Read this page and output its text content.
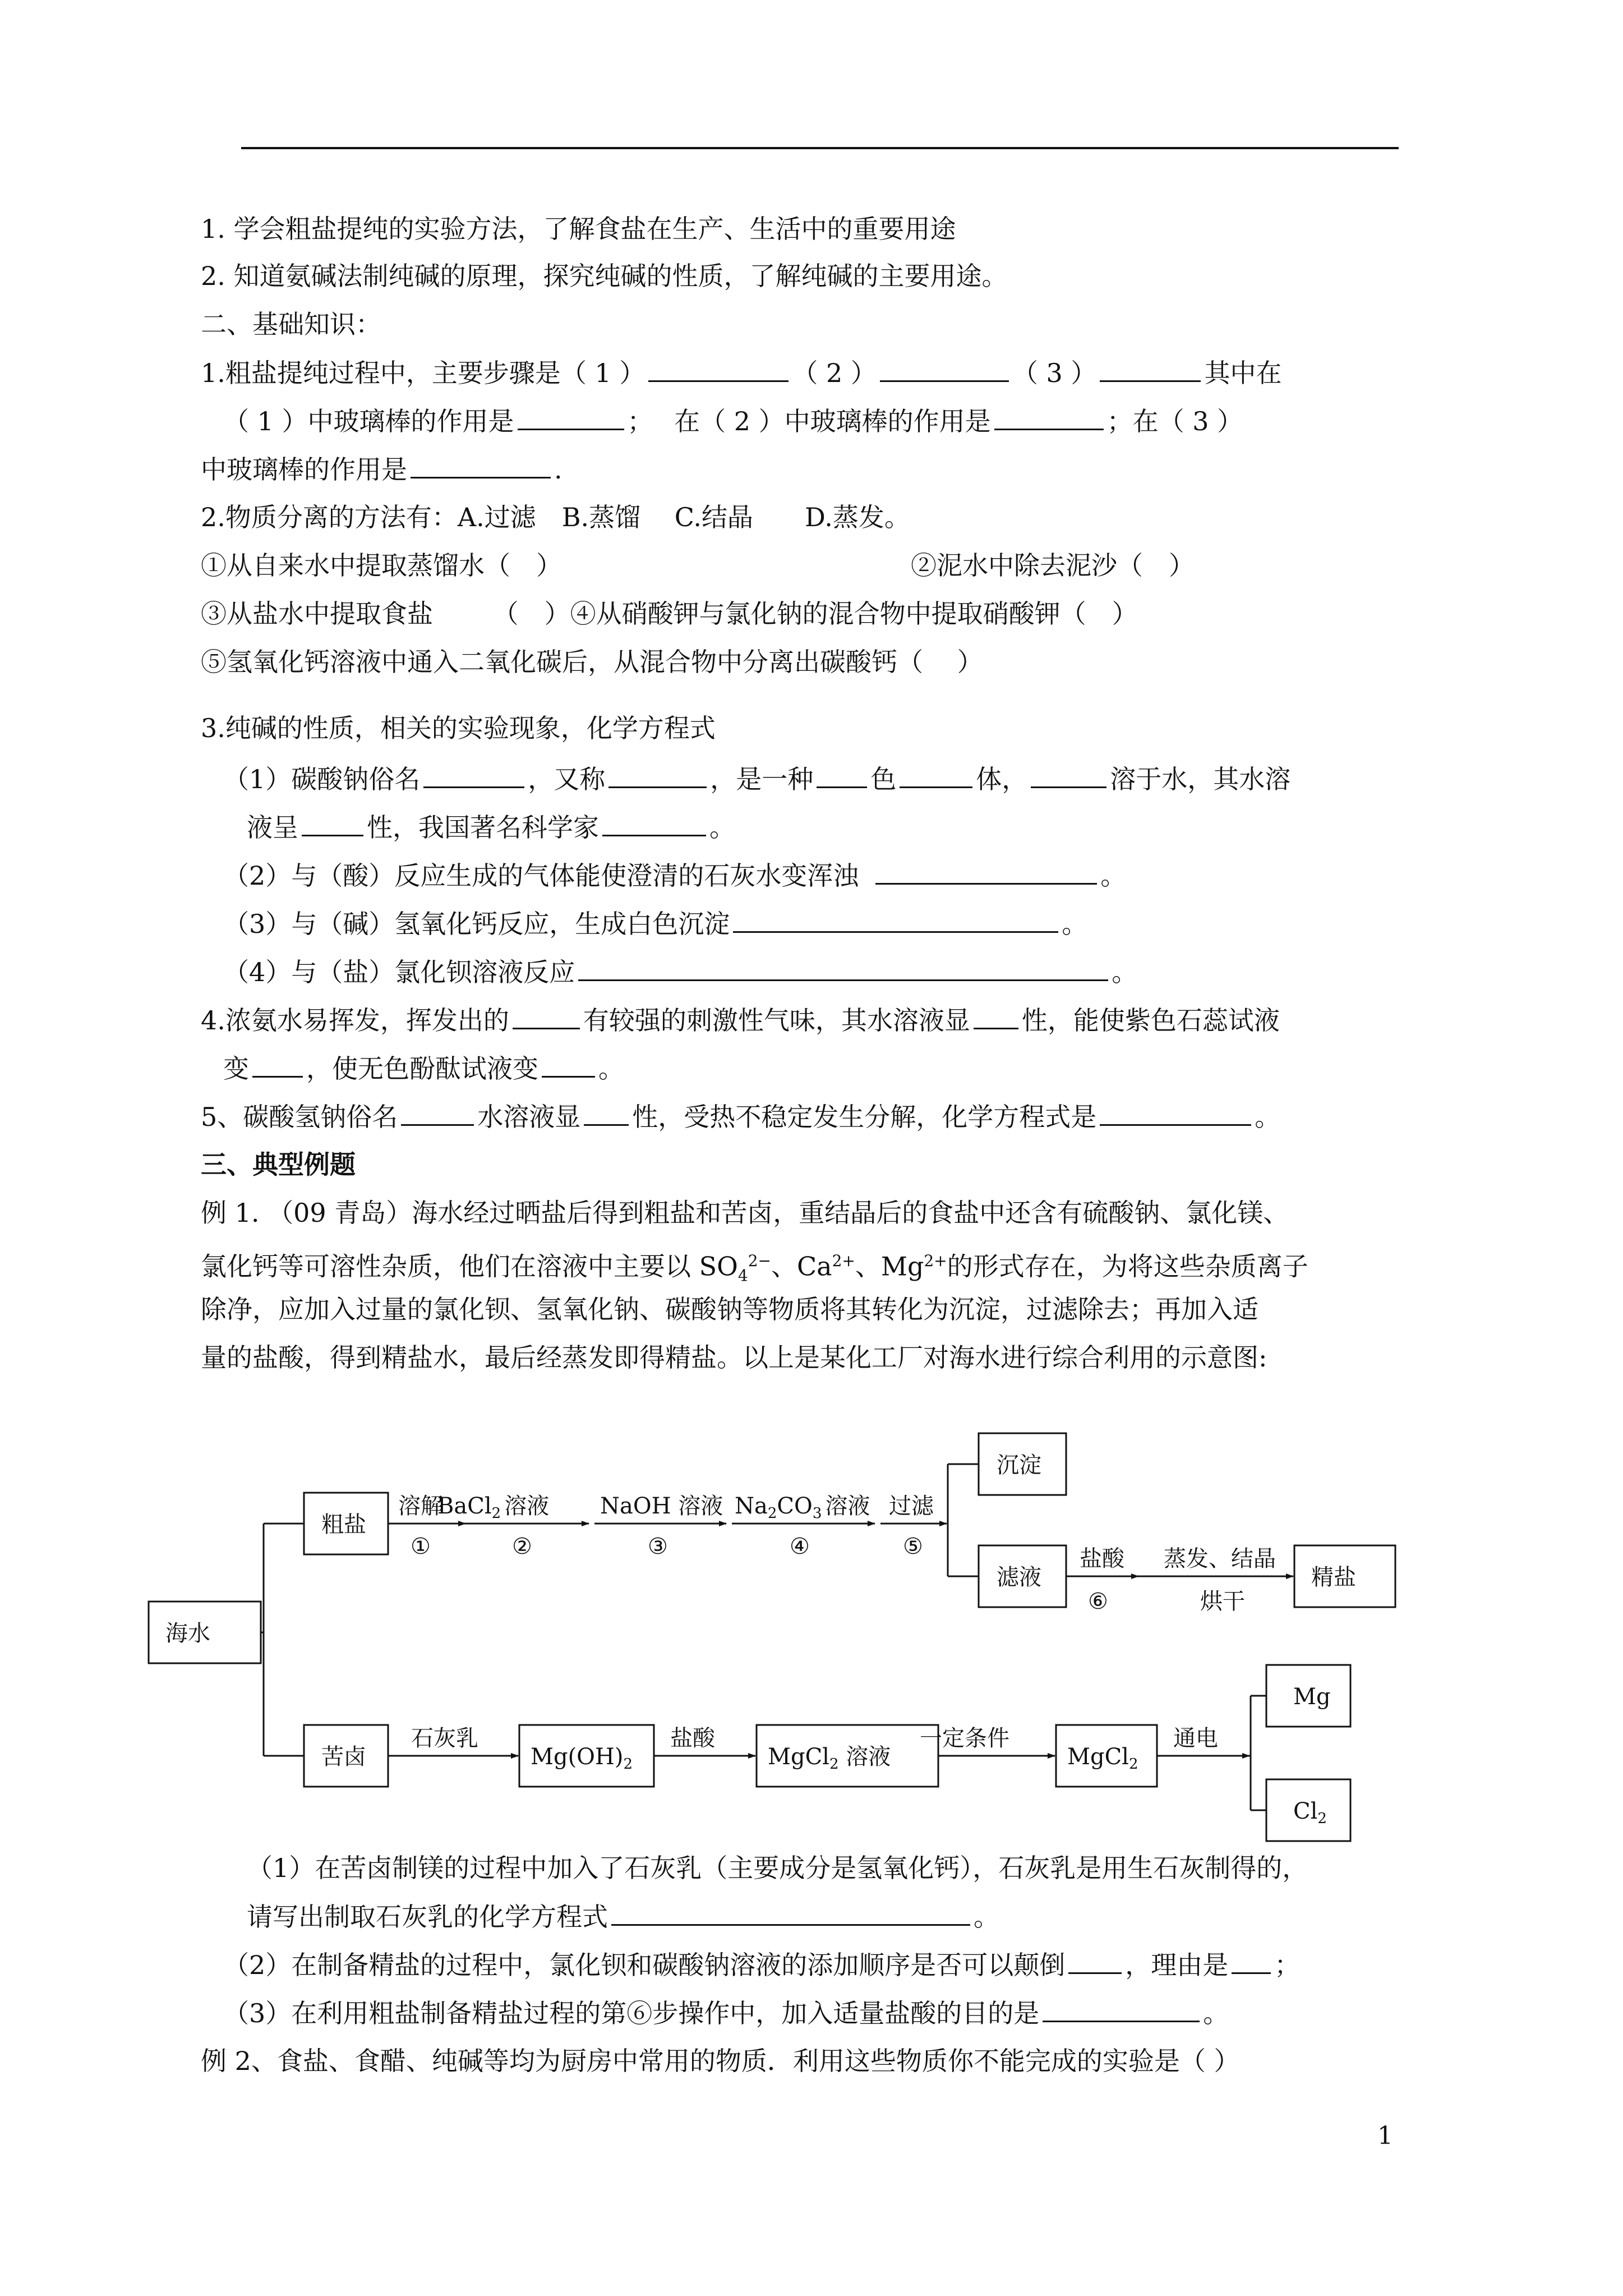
1. 学会粗盐提纯的实验方法，了解食盐在生产、生活中的重要用途
2. 知道氨碱法制纯碱的原理，探究纯碱的性质，了解纯碱的主要用途。
二、基础知识：
1.粗盐提纯过程中，主要步骤是（ 1 ）	（ 2 ）	（ 3 ）	其中在
（ 1 ）中玻璃棒的作用是	；　 在（ 2 ）中玻璃棒的作用是	；在（ 3 ）
中玻璃棒的作用是	.
2.物质分离的方法有：A.过滤　B.蒸馏　 C.结晶　　D.蒸发。
①从自来水中提取蒸馏水（　）	②泥水中除去泥沙（　）
③从盐水中提取食盐　　 （　）④从硝酸钾与氯化钠的混合物中提取硝酸钾（　）
⑤氢氧化钙溶液中通入二氧化碳后，从混合物中分离出碳酸钙（　 ）
3.纯碱的性质，相关的实验现象，化学方程式
（1）碳酸钠俗名	，又称	，是一种 色	体，	溶于水，其水溶
液呈	性，我国著名科学家	。
（2）与（酸）反应生成的气体能使澄清的石灰水变浑浊	。
（3）与（碱）氢氧化钙反应，生成白色沉淀	。
（4）与（盐）氯化钡溶液反应	。
4.浓氨水易挥发，挥发出的	有较强的刺激性气味，其水溶液显 性，能使紫色石蕊试液
变 ，使无色酚酞试液变 。
5、碳酸氢钠俗名	水溶液显 性，受热不稳定发生分解，化学方程式是	。
三、典型例题
例 1. （09 青岛）海水经过晒盐后得到粗盐和苦卤，重结晶后的食盐中还含有硫酸钠、氯化镁、
氯化钙等可溶性杂质，他们在溶液中主要以 $SO_4^{2-}$、$Ca^{2+}$、$Mg^{2+}$的形式存在，为将这些杂质离子
除净，应加入过量的氯化钡、氢氧化钠、碳酸钠等物质将其转化为沉淀，过滤除去；再加入适
量的盐酸，得到精盐水，最后经蒸发即得精盐。以上是某化工厂对海水进行综合利用的示意图:
海水
粗盐
苦卤
溶解
BaCl$_2$ 溶液 NaOH 溶液 $Na_2CO_3$ 溶液 过滤
①	②	③	④	⑤
沉淀
滤液
盐酸
⑥
蒸发、结晶
烘干
精盐
石灰乳
$Mg(OH)_2$
盐酸
MgCl$_2$ 溶液
一定条件
MgCl$_2$
通电
Mg
$Cl_2$
（1）在苦卤制镁的过程中加入了石灰乳（主要成分是氢氧化钙），石灰乳是用生石灰制得的，
请写出制取石灰乳的化学方程式	。
（2）在制备精盐的过程中，氯化钡和碳酸钠溶液的添加顺序是否可以颠倒 ，理由是 ；
（3）在利用粗盐制备精盐过程的第⑥步操作中，加入适量盐酸的目的是	。
例 2、食盐、食醋、纯碱等均为厨房中常用的物质．利用这些物质你不能完成的实验是（ ）
1
